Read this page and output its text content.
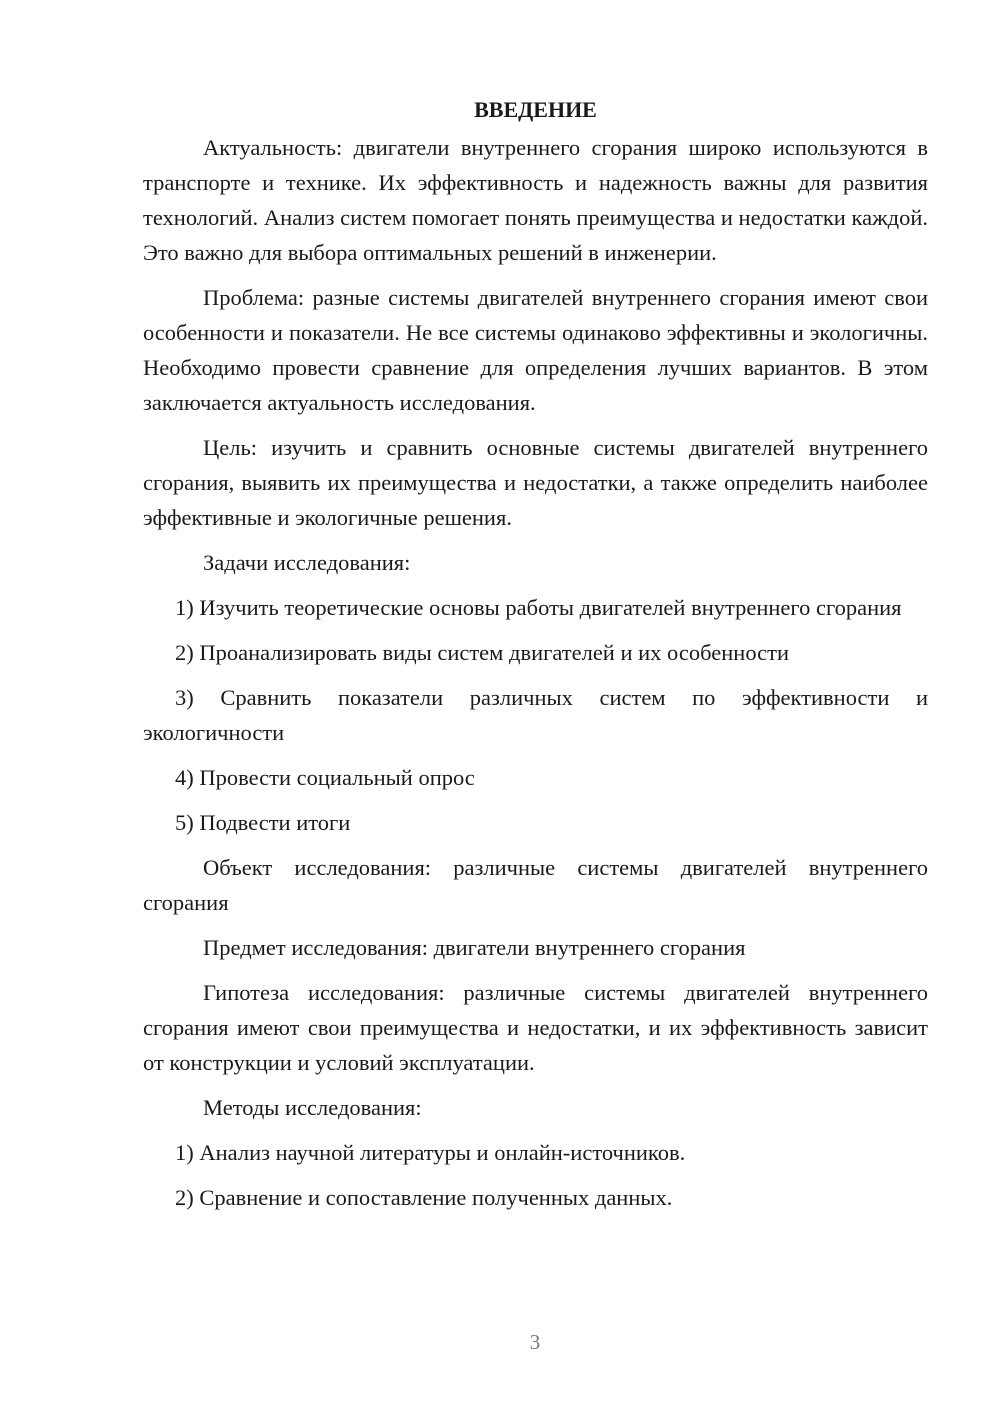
ВВЕДЕНИЕ

Актуальность: двигатели внутреннего сгорания широко используются в транспорте и технике. Их эффективность и надежность важны для развития технологий. Анализ систем помогает понять преимущества и недостатки каждой. Это важно для выбора оптимальных решений в инженерии.

Проблема: разные системы двигателей внутреннего сгорания имеют свои особенности и показатели. Не все системы одинаково эффективны и экологичны. Необходимо провести сравнение для определения лучших вариантов. В этом заключается актуальность исследования.

Цель: изучить и сравнить основные системы двигателей внутреннего сгорания, выявить их преимущества и недостатки, а также определить наиболее эффективные и экологичные решения.

Задачи исследования:

1) Изучить теоретические основы работы двигателей внутреннего сгорания

2) Проанализировать виды систем двигателей и их особенности

3) Сравнить показатели различных систем по эффективности и экологичности

4) Провести социальный опрос

5) Подвести итоги

Объект исследования: различные системы двигателей внутреннего сгорания

Предмет исследования: двигатели внутреннего сгорания

Гипотеза исследования: различные системы двигателей внутреннего сгорания имеют свои преимущества и недостатки, и их эффективность зависит от конструкции и условий эксплуатации.

Методы исследования:

1) Анализ научной литературы и онлайн-источников.

2) Сравнение и сопоставление полученных данных.

3
